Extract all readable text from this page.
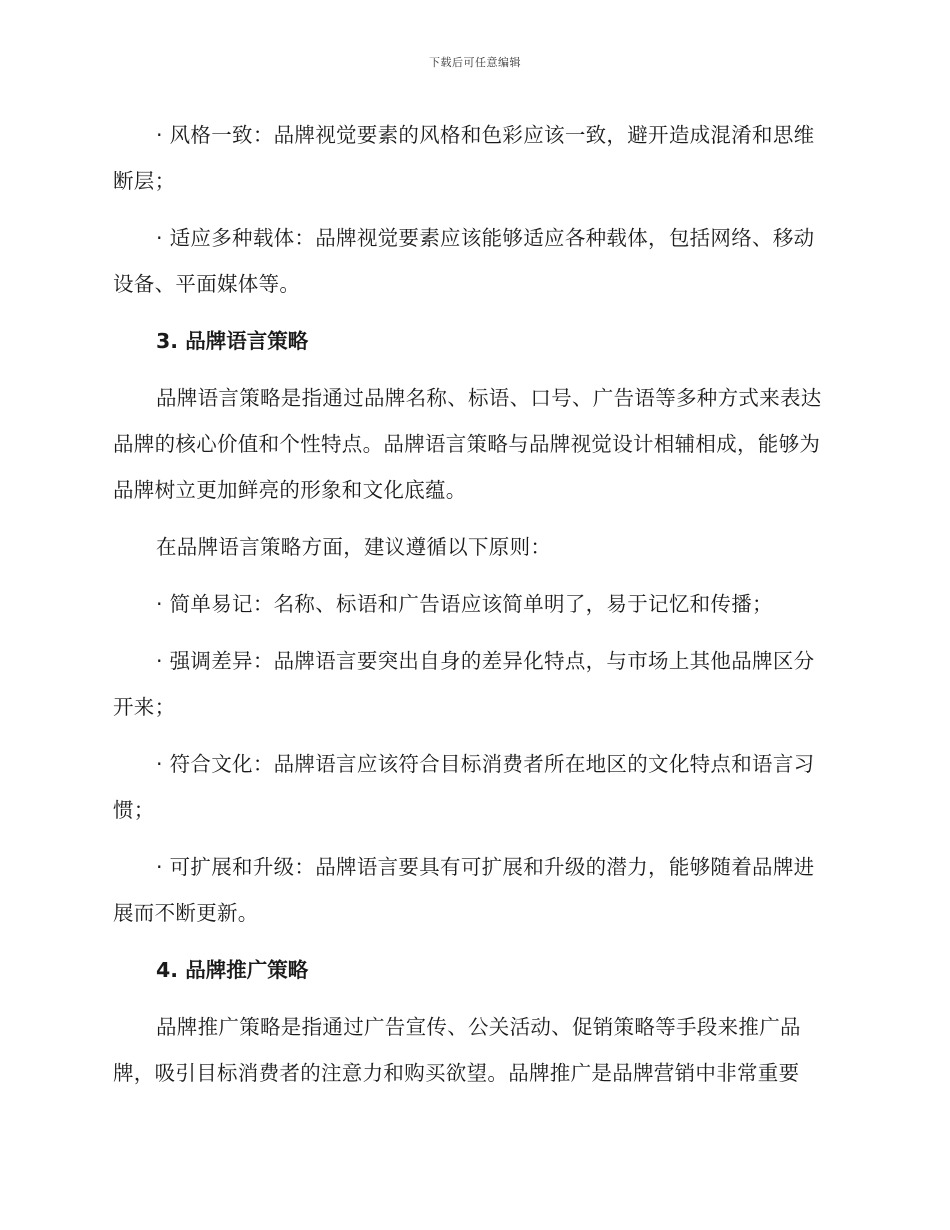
下载后可任意编辑

· 风格一致：品牌视觉要素的风格和色彩应该一致，避开造成混淆和思维断层；

· 适应多种载体：品牌视觉要素应该能够适应各种载体，包括网络、移动设备、平面媒体等。

3. 品牌语言策略

品牌语言策略是指通过品牌名称、标语、口号、广告语等多种方式来表达品牌的核心价值和个性特点。品牌语言策略与品牌视觉设计相辅相成，能够为品牌树立更加鲜亮的形象和文化底蕴。

在品牌语言策略方面，建议遵循以下原则：

· 简单易记：名称、标语和广告语应该简单明了，易于记忆和传播；

· 强调差异：品牌语言要突出自身的差异化特点，与市场上其他品牌区分开来；

· 符合文化：品牌语言应该符合目标消费者所在地区的文化特点和语言习惯；

· 可扩展和升级：品牌语言要具有可扩展和升级的潜力，能够随着品牌进展而不断更新。

4. 品牌推广策略

品牌推广策略是指通过广告宣传、公关活动、促销策略等手段来推广品牌，吸引目标消费者的注意力和购买欲望。品牌推广是品牌营销中非常重要
